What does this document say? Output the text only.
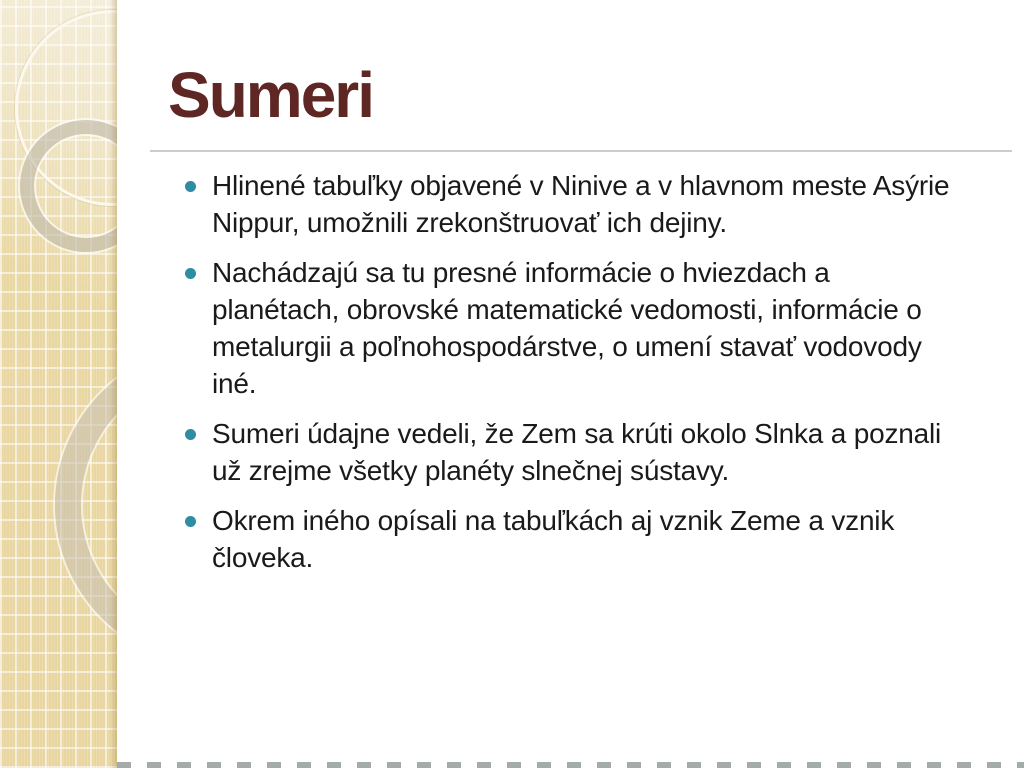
Sumeri
Hlinené tabuľky objavené v Ninive a v hlavnom meste Asýrie Nippur, umožnili zrekonštruovať ich dejiny.
Nachádzajú sa tu presné informácie o hviezdach a planétach, obrovské matematické vedomosti, informácie o metalurgii a poľnohospodárstve, o umení stavať vodovody iné.
Sumeri údajne vedeli, že Zem sa krúti okolo Slnka a poznali už zrejme všetky planéty slnečnej sústavy.
Okrem iného opísali na tabuľkách aj vznik Zeme a vznik človeka.
